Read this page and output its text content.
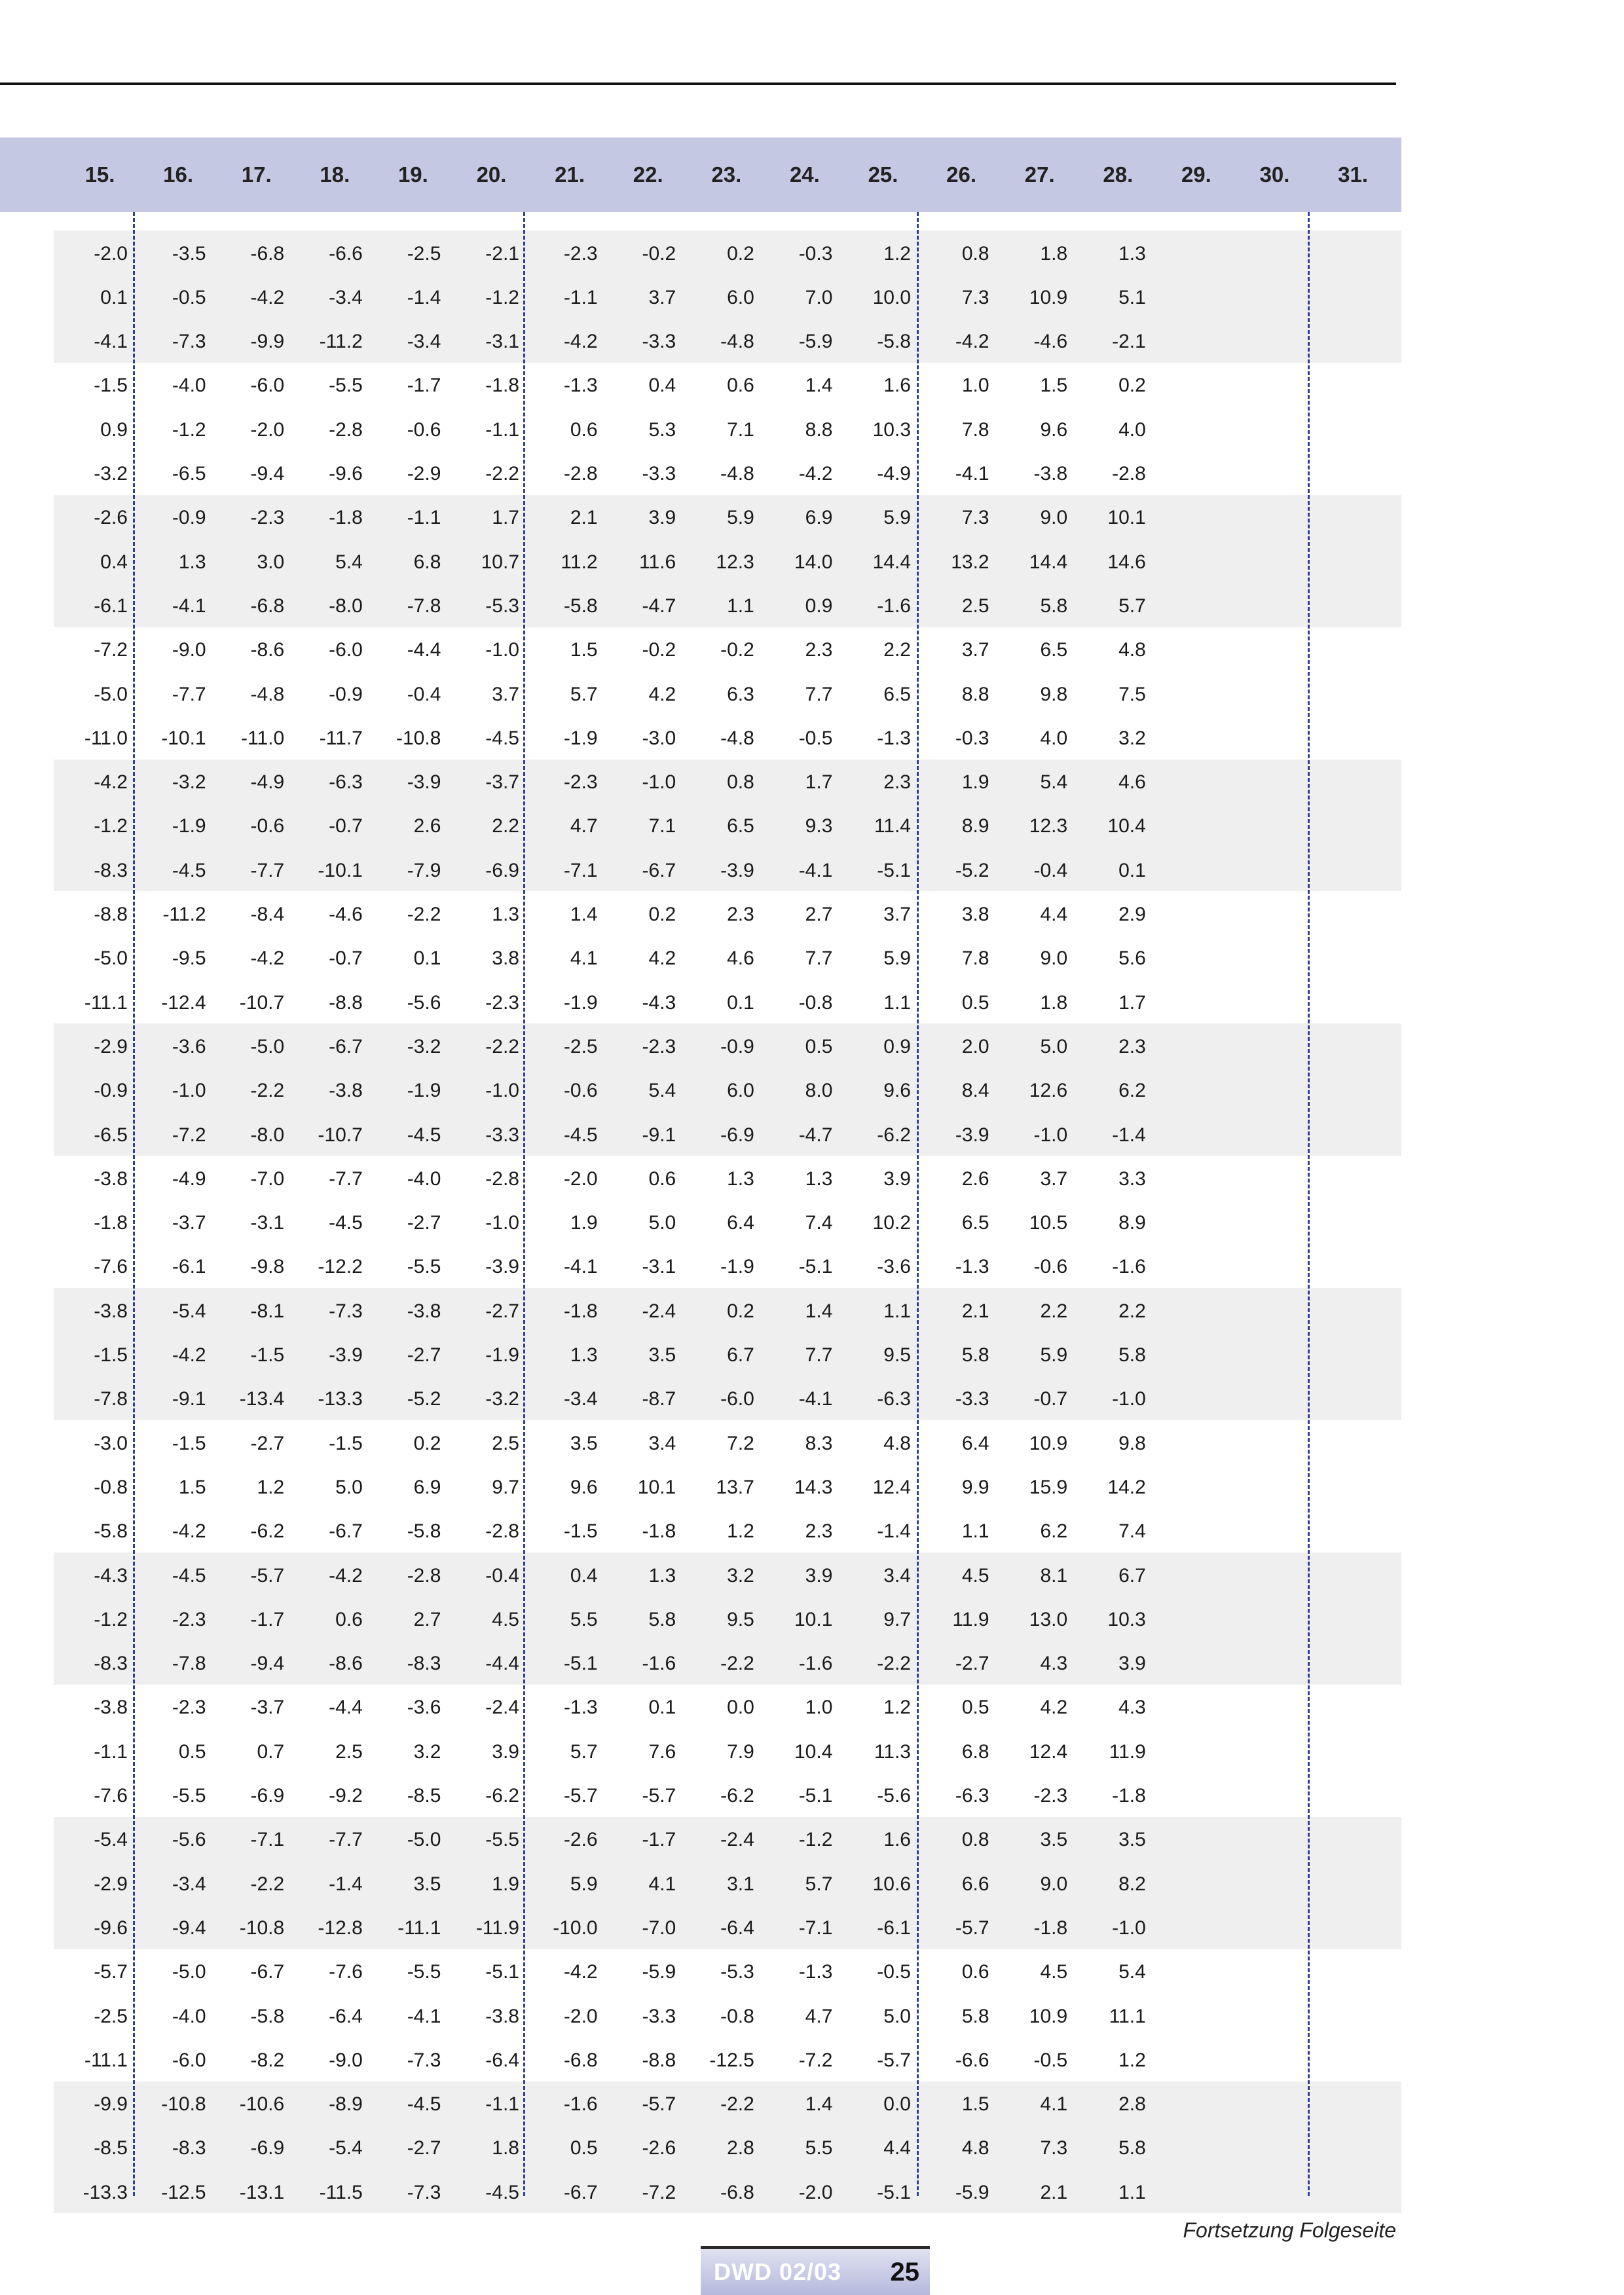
15.	16.	17.	18.	19.	20.	21.	22.	23.	24.	25.	26.	27.	28.	29.	30.	31.
-2.0	-3.5	-6.8	-6.6	-2.5	-2.1	-2.3	-0.2	0.2	-0.3	1.2	0.8	1.8	1.3
0.1	-0.5	-4.2	-3.4	-1.4	-1.2	-1.1	3.7	6.0	7.0	10.0	7.3	10.9	5.1
-4.1	-7.3	-9.9	-11.2	-3.4	-3.1	-4.2	-3.3	-4.8	-5.9	-5.8	-4.2	-4.6	-2.1
-1.5	-4.0	-6.0	-5.5	-1.7	-1.8	-1.3	0.4	0.6	1.4	1.6	1.0	1.5	0.2
0.9	-1.2	-2.0	-2.8	-0.6	-1.1	0.6	5.3	7.1	8.8	10.3	7.8	9.6	4.0
-3.2	-6.5	-9.4	-9.6	-2.9	-2.2	-2.8	-3.3	-4.8	-4.2	-4.9	-4.1	-3.8	-2.8
-2.6	-0.9	-2.3	-1.8	-1.1	1.7	2.1	3.9	5.9	6.9	5.9	7.3	9.0	10.1
0.4	1.3	3.0	5.4	6.8	10.7	11.2	11.6	12.3	14.0	14.4	13.2	14.4	14.6
-6.1	-4.1	-6.8	-8.0	-7.8	-5.3	-5.8	-4.7	1.1	0.9	-1.6	2.5	5.8	5.7
-7.2	-9.0	-8.6	-6.0	-4.4	-1.0	1.5	-0.2	-0.2	2.3	2.2	3.7	6.5	4.8
-5.0	-7.7	-4.8	-0.9	-0.4	3.7	5.7	4.2	6.3	7.7	6.5	8.8	9.8	7.5
-11.0	-10.1	-11.0	-11.7	-10.8	-4.5	-1.9	-3.0	-4.8	-0.5	-1.3	-0.3	4.0	3.2
-4.2	-3.2	-4.9	-6.3	-3.9	-3.7	-2.3	-1.0	0.8	1.7	2.3	1.9	5.4	4.6
-1.2	-1.9	-0.6	-0.7	2.6	2.2	4.7	7.1	6.5	9.3	11.4	8.9	12.3	10.4
-8.3	-4.5	-7.7	-10.1	-7.9	-6.9	-7.1	-6.7	-3.9	-4.1	-5.1	-5.2	-0.4	0.1
-8.8	-11.2	-8.4	-4.6	-2.2	1.3	1.4	0.2	2.3	2.7	3.7	3.8	4.4	2.9
-5.0	-9.5	-4.2	-0.7	0.1	3.8	4.1	4.2	4.6	7.7	5.9	7.8	9.0	5.6
-11.1	-12.4	-10.7	-8.8	-5.6	-2.3	-1.9	-4.3	0.1	-0.8	1.1	0.5	1.8	1.7
-2.9	-3.6	-5.0	-6.7	-3.2	-2.2	-2.5	-2.3	-0.9	0.5	0.9	2.0	5.0	2.3
-0.9	-1.0	-2.2	-3.8	-1.9	-1.0	-0.6	5.4	6.0	8.0	9.6	8.4	12.6	6.2
-6.5	-7.2	-8.0	-10.7	-4.5	-3.3	-4.5	-9.1	-6.9	-4.7	-6.2	-3.9	-1.0	-1.4
-3.8	-4.9	-7.0	-7.7	-4.0	-2.8	-2.0	0.6	1.3	1.3	3.9	2.6	3.7	3.3
-1.8	-3.7	-3.1	-4.5	-2.7	-1.0	1.9	5.0	6.4	7.4	10.2	6.5	10.5	8.9
-7.6	-6.1	-9.8	-12.2	-5.5	-3.9	-4.1	-3.1	-1.9	-5.1	-3.6	-1.3	-0.6	-1.6
-3.8	-5.4	-8.1	-7.3	-3.8	-2.7	-1.8	-2.4	0.2	1.4	1.1	2.1	2.2	2.2
-1.5	-4.2	-1.5	-3.9	-2.7	-1.9	1.3	3.5	6.7	7.7	9.5	5.8	5.9	5.8
-7.8	-9.1	-13.4	-13.3	-5.2	-3.2	-3.4	-8.7	-6.0	-4.1	-6.3	-3.3	-0.7	-1.0
-3.0	-1.5	-2.7	-1.5	0.2	2.5	3.5	3.4	7.2	8.3	4.8	6.4	10.9	9.8
-0.8	1.5	1.2	5.0	6.9	9.7	9.6	10.1	13.7	14.3	12.4	9.9	15.9	14.2
-5.8	-4.2	-6.2	-6.7	-5.8	-2.8	-1.5	-1.8	1.2	2.3	-1.4	1.1	6.2	7.4
-4.3	-4.5	-5.7	-4.2	-2.8	-0.4	0.4	1.3	3.2	3.9	3.4	4.5	8.1	6.7
-1.2	-2.3	-1.7	0.6	2.7	4.5	5.5	5.8	9.5	10.1	9.7	11.9	13.0	10.3
-8.3	-7.8	-9.4	-8.6	-8.3	-4.4	-5.1	-1.6	-2.2	-1.6	-2.2	-2.7	4.3	3.9
-3.8	-2.3	-3.7	-4.4	-3.6	-2.4	-1.3	0.1	0.0	1.0	1.2	0.5	4.2	4.3
-1.1	0.5	0.7	2.5	3.2	3.9	5.7	7.6	7.9	10.4	11.3	6.8	12.4	11.9
-7.6	-5.5	-6.9	-9.2	-8.5	-6.2	-5.7	-5.7	-6.2	-5.1	-5.6	-6.3	-2.3	-1.8
-5.4	-5.6	-7.1	-7.7	-5.0	-5.5	-2.6	-1.7	-2.4	-1.2	1.6	0.8	3.5	3.5
-2.9	-3.4	-2.2	-1.4	3.5	1.9	5.9	4.1	3.1	5.7	10.6	6.6	9.0	8.2
-9.6	-9.4	-10.8	-12.8	-11.1	-11.9	-10.0	-7.0	-6.4	-7.1	-6.1	-5.7	-1.8	-1.0
-5.7	-5.0	-6.7	-7.6	-5.5	-5.1	-4.2	-5.9	-5.3	-1.3	-0.5	0.6	4.5	5.4
-2.5	-4.0	-5.8	-6.4	-4.1	-3.8	-2.0	-3.3	-0.8	4.7	5.0	5.8	10.9	11.1
-11.1	-6.0	-8.2	-9.0	-7.3	-6.4	-6.8	-8.8	-12.5	-7.2	-5.7	-6.6	-0.5	1.2
-9.9	-10.8	-10.6	-8.9	-4.5	-1.1	-1.6	-5.7	-2.2	1.4	0.0	1.5	4.1	2.8
-8.5	-8.3	-6.9	-5.4	-2.7	1.8	0.5	-2.6	2.8	5.5	4.4	4.8	7.3	5.8
-13.3	-12.5	-13.1	-11.5	-7.3	-4.5	-6.7	-7.2	-6.8	-2.0	-5.1	-5.9	2.1	1.1
Fortsetzung Folgeseite
DWD 02/03 25
